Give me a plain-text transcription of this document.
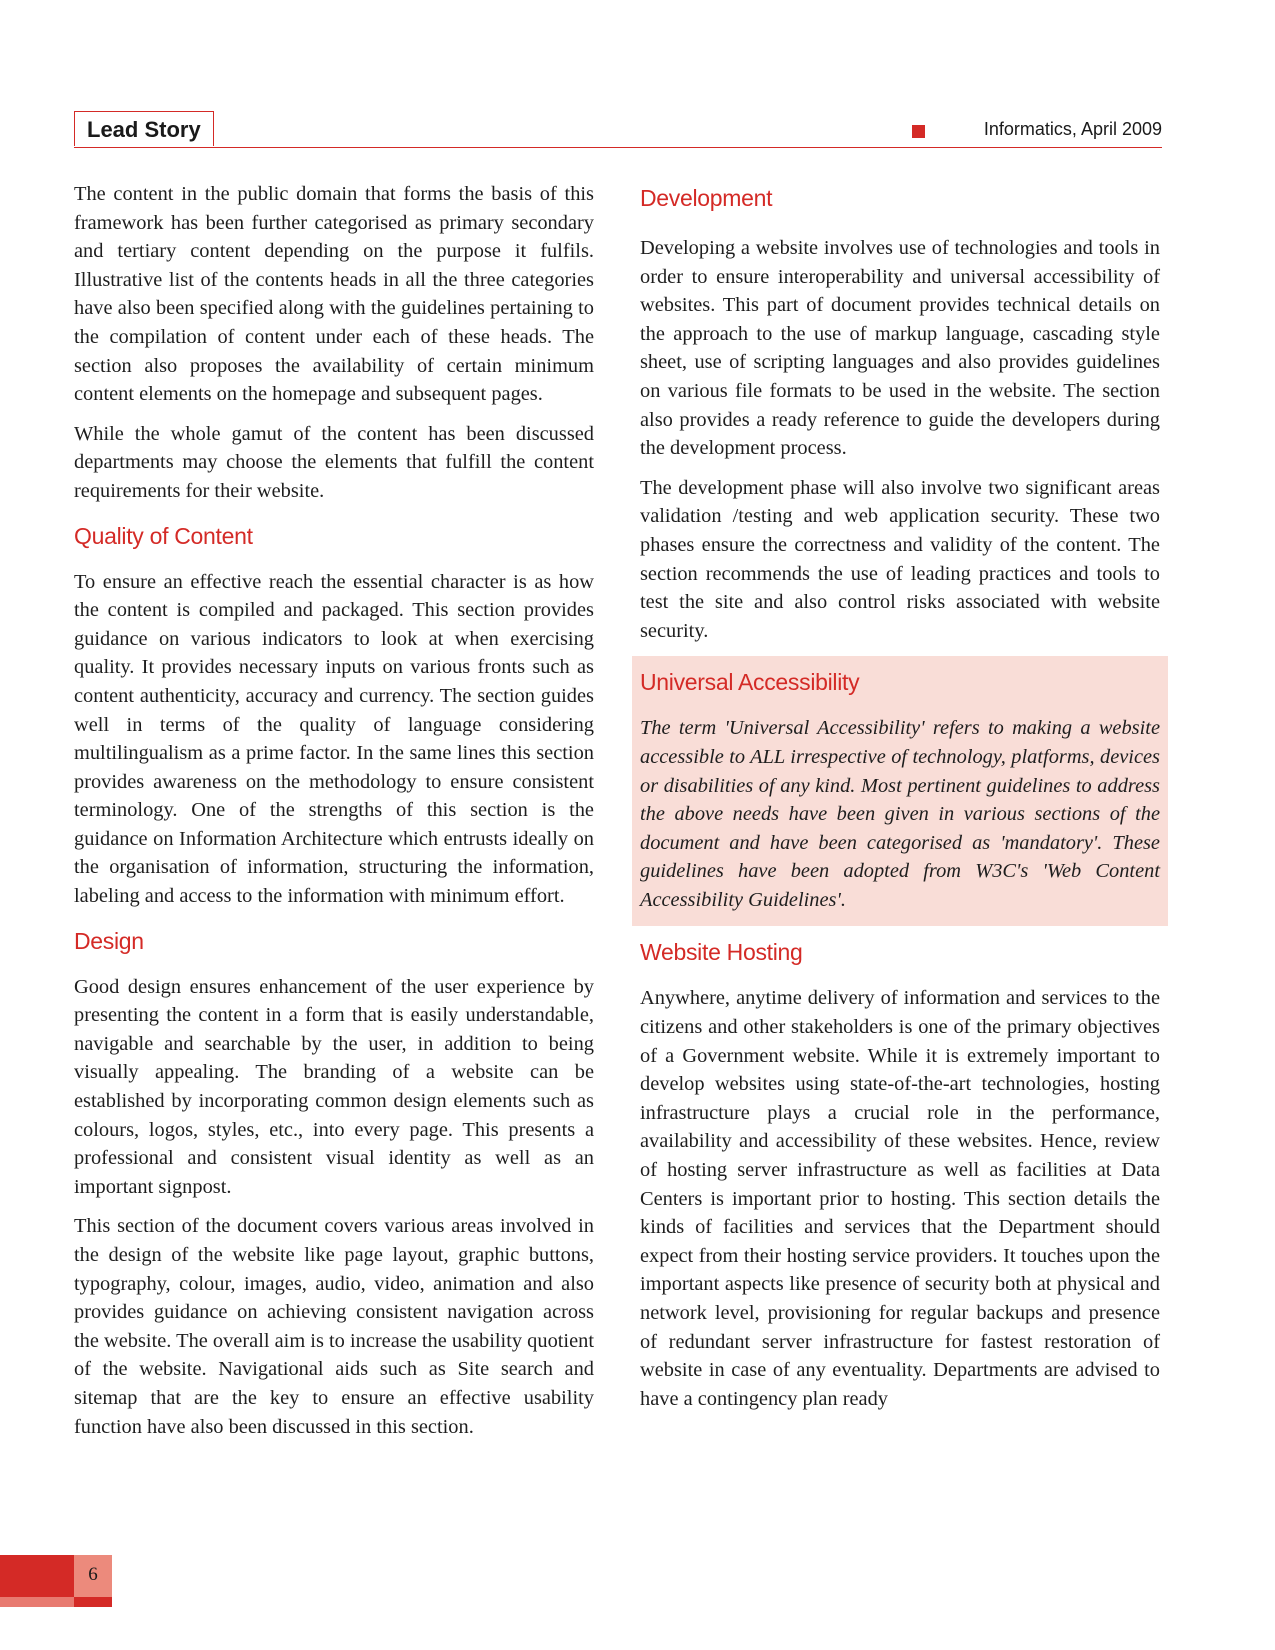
Lead Story	Informatics, April 2009

The content in the public domain that forms the basis of this framework has been further categorised as primary secondary and tertiary content depending on the purpose it fulfils. Illustrative list of the contents heads in all the three categories have also been specified along with the guidelines pertaining to the compilation of content under each of these heads. The section also proposes the availability of certain minimum content elements on the homepage and subsequent pages.

While the whole gamut of the content has been discussed departments may choose the elements that fulfill the content requirements for their website.

Quality of Content

To ensure an effective reach the essential character is as how the content is compiled and packaged. This section provides guidance on various indicators to look at when exercising quality. It provides necessary inputs on various fronts such as content authenticity, accuracy and currency. The section guides well in terms of the quality of language considering multilingualism as a prime factor. In the same lines this section provides awareness on the methodology to ensure consistent terminology. One of the strengths of this section is the guidance on Information Architecture which entrusts ideally on the organisation of information, structuring the information, labeling and access to the information with minimum effort.

Design

Good design ensures enhancement of the user experience by presenting the content in a form that is easily understandable, navigable and searchable by the user, in addition to being visually appealing. The branding of a website can be established by incorporating common design elements such as colours, logos, styles, etc., into every page. This presents a professional and consistent visual identity as well as an important signpost.

This section of the document covers various areas involved in the design of the website like page layout, graphic buttons, typography, colour, images, audio, video, animation and also provides guidance on achieving consistent navigation across the website. The overall aim is to increase the usability quotient of the website. Navigational aids such as Site search and sitemap that are the key to ensure an effective usability function have also been discussed in this section.

Development

Developing a website involves use of technologies and tools in order to ensure interoperability and universal accessibility of websites. This part of document provides technical details on the approach to the use of markup language, cascading style sheet, use of scripting languages and also provides guidelines on various file formats to be used in the website. The section also provides a ready reference to guide the developers during the development process.

The development phase will also involve two significant areas validation /testing and web application security. These two phases ensure the correctness and validity of the content. The section recommends the use of leading practices and tools to test the site and also control risks associated with website security.

Universal Accessibility

The term 'Universal Accessibility' refers to making a website accessible to ALL irrespective of technology, platforms, devices or disabilities of any kind. Most pertinent guidelines to address the above needs have been given in various sections of the document and have been categorised as 'mandatory'. These guidelines have been adopted from W3C's 'Web Content Accessibility Guidelines'.

Website Hosting

Anywhere, anytime delivery of information and services to the citizens and other stakeholders is one of the primary objectives of a Government website. While it is extremely important to develop websites using state-of-the-art technologies, hosting infrastructure plays a crucial role in the performance, availability and accessibility of these websites. Hence, review of hosting server infrastructure as well as facilities at Data Centers is important prior to hosting. This section details the kinds of facilities and services that the Department should expect from their hosting service providers. It touches upon the important aspects like presence of security both at physical and network level, provisioning for regular backups and presence of redundant server infrastructure for fastest restoration of website in case of any eventuality. Departments are advised to have a contingency plan ready

6
